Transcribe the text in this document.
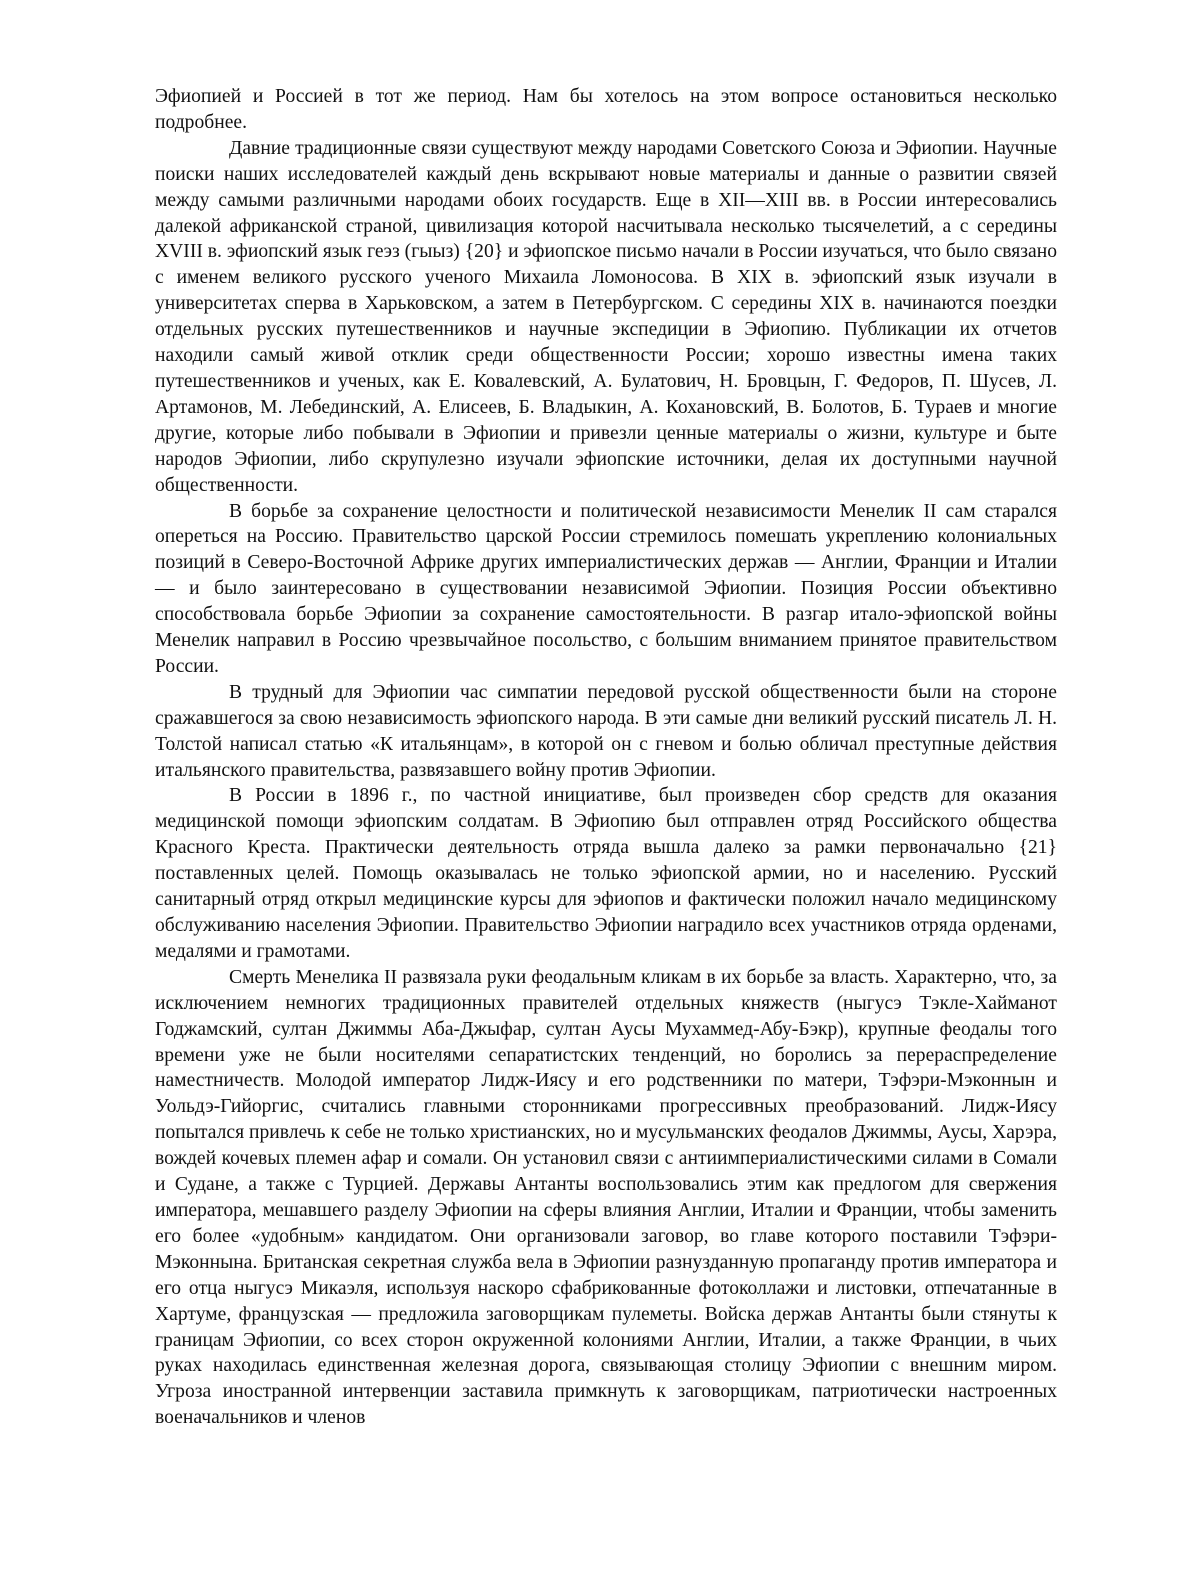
Эфиопией и Россией в тот же период. Нам бы хотелось на этом вопросе остановиться несколько подробнее.

Давние традиционные связи существуют между народами Советского Союза и Эфиопии. Научные поиски наших исследователей каждый день вскрывают новые материалы и данные о развитии связей между самыми различными народами обоих государств. Еще в XII—XIII вв. в России интересовались далекой африканской страной, цивилизация которой насчитывала несколько тысячелетий, а с середины XVIII в. эфиопский язык геэз (гыыз) {20} и эфиопское письмо начали в России изучаться, что было связано с именем великого русского ученого Михаила Ломоносова. В XIX в. эфиопский язык изучали в университетах сперва в Харьковском, а затем в Петербургском. С середины XIX в. начинаются поездки отдельных русских путешественников и научные экспедиции в Эфиопию. Публикации их отчетов находили самый живой отклик среди общественности России; хорошо известны имена таких путешественников и ученых, как Е. Ковалевский, А. Булатович, Н. Бровцын, Г. Федоров, П. Шусев, Л. Артамонов, М. Лебединский, А. Елисеев, Б. Владыкин, А. Кохановский, В. Болотов, Б. Тураев и многие другие, которые либо побывали в Эфиопии и привезли ценные материалы о жизни, культуре и быте народов Эфиопии, либо скрупулезно изучали эфиопские источники, делая их доступными научной общественности.

В борьбе за сохранение целостности и политической независимости Менелик II сам старался опереться на Россию. Правительство царской России стремилось помешать укреплению колониальных позиций в Северо-Восточной Африке других империалистических держав — Англии, Франции и Италии — и было заинтересовано в существовании независимой Эфиопии. Позиция России объективно способствовала борьбе Эфиопии за сохранение самостоятельности. В разгар итало-эфиопской войны Менелик направил в Россию чрезвычайное посольство, с большим вниманием принятое правительством России.

В трудный для Эфиопии час симпатии передовой русской общественности были на стороне сражавшегося за свою независимость эфиопского народа. В эти самые дни великий русский писатель Л. Н. Толстой написал статью «К итальянцам», в которой он с гневом и болью обличал преступные действия итальянского правительства, развязавшего войну против Эфиопии.

В России в 1896 г., по частной инициативе, был произведен сбор средств для оказания медицинской помощи эфиопским солдатам. В Эфиопию был отправлен отряд Российского общества Красного Креста. Практически деятельность отряда вышла далеко за рамки первоначально {21} поставленных целей. Помощь оказывалась не только эфиопской армии, но и населению. Русский санитарный отряд открыл медицинские курсы для эфиопов и фактически положил начало медицинскому обслуживанию населения Эфиопии. Правительство Эфиопии наградило всех участников отряда орденами, медалями и грамотами.

Смерть Менелика II развязала руки феодальным кликам в их борьбе за власть. Характерно, что, за исключением немногих традиционных правителей отдельных княжеств (ныгусэ Тэкле-Хайманот Годжамский, султан Джиммы Аба-Джыфар, султан Аусы Мухаммед-Абу-Бэкр), крупные феодалы того времени уже не были носителями сепаратистских тенденций, но боролись за перераспределение наместничеств. Молодой император Лидж-Иясу и его родственники по матери, Тэфэри-Мэконнын и Уольдэ-Гийоргис, считались главными сторонниками прогрессивных преобразований. Лидж-Иясу попытался привлечь к себе не только христианских, но и мусульманских феодалов Джиммы, Аусы, Харэра, вождей кочевых племен афар и сомали. Он установил связи с антиимпериалистическими силами в Сомали и Судане, а также с Турцией. Державы Антанты воспользовались этим как предлогом для свержения императора, мешавшего разделу Эфиопии на сферы влияния Англии, Италии и Франции, чтобы заменить его более «удобным» кандидатом. Они организовали заговор, во главе которого поставили Тэфэри-Мэконнына. Британская секретная служба вела в Эфиопии разнузданную пропаганду против императора и его отца ныгусэ Микаэля, используя наскоро сфабрикованные фотоколлажи и листовки, отпечатанные в Хартуме, французская — предложила заговорщикам пулеметы. Войска держав Антанты были стянуты к границам Эфиопии, со всех сторон окруженной колониями Англии, Италии, а также Франции, в чьих руках находилась единственная железная дорога, связывающая столицу Эфиопии с внешним миром. Угроза иностранной интервенции заставила примкнуть к заговорщикам, патриотически настроенных военачальников и членов
